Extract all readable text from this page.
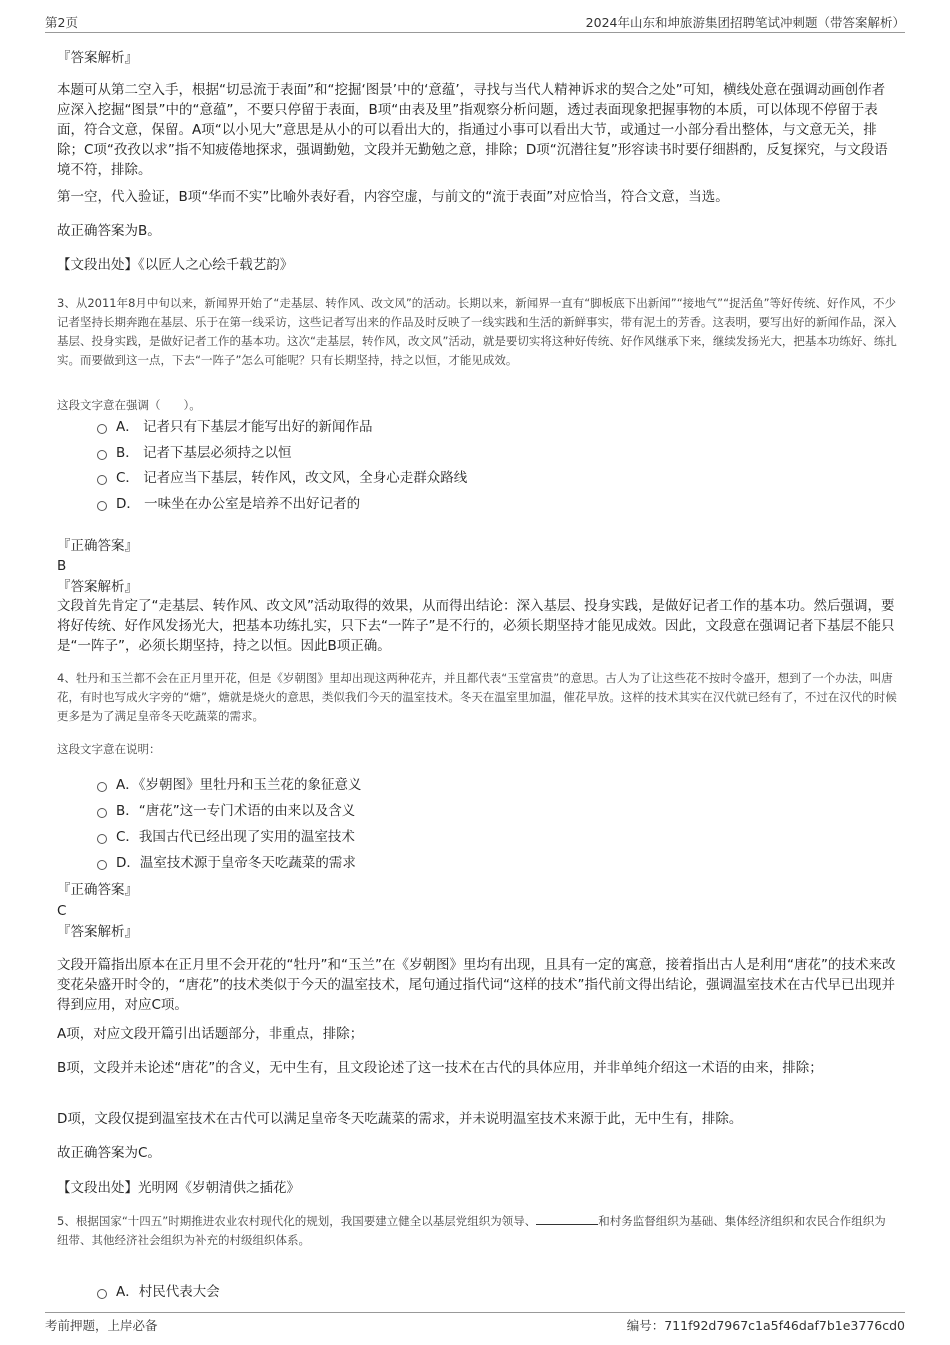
第2页	2024年山东和坤旅游集团招聘笔试冲刺题（带答案解析）
『答案解析』

本题可从第二空入手，根据“切忌流于表面”和“挖掘‘图景’中的‘意蕴’，寻找与当代人精神诉求的契合之处”可知，横线处意在强调动画创作者应深入挖掘“图景”中的“意蕴”，不要只停留于表面，B项“由表及里”指观察分析问题，透过表面现象把握事物的本质，可以体现不停留于表面，符合文意，保留。A项“以小见大”意思是从小的可以看出大的，指通过小事可以看出大节，或通过一小部分看出整体，与文意无关，排除；C项“孜孜以求”指不知疲倦地探求，强调勤勉，文段并无勤勉之意，排除；D项“沉潜往复”形容读书时要仔细斟酌，反复探究，与文段语境不符，排除。

第一空，代入验证，B项“华而不实”比喻外表好看，内容空虚，与前文的“流于表面”对应恰当，符合文意，当选。

故正确答案为B。

【文段出处】《以匠人之心绘千载艺韵》

3、从2011年8月中旬以来，新闻界开始了“走基层、转作风、改文风”的活动。长期以来，新闻界一直有“脚板底下出新闻”“接地气”“捉活鱼”等好传统、好作风，不少记者坚持长期奔跑在基层、乐于在第一线采访，这些记者写出来的作品及时反映了一线实践和生活的新鲜事实，带有泥土的芳香。这表明，要写出好的新闻作品，深入基层、投身实践，是做好记者工作的基本功。这次“走基层，转作风，改文风”活动，就是要切实将这种好传统、好作风继承下来，继续发扬光大，把基本功练好、练扎实。而要做到这一点，下去“一阵子”怎么可能呢？只有长期坚持，持之以恒，才能见成效。

这段文字意在强调（　　）。

A． 记者只有下基层才能写出好的新闻作品
B． 记者下基层必须持之以恒
C． 记者应当下基层，转作风，改文风，全身心走群众路线
D． 一味坐在办公室是培养不出好记者的
『正确答案』
B
『答案解析』

文段首先肯定了“走基层、转作风、改文风”活动取得的效果，从而得出结论：深入基层、投身实践，是做好记者工作的基本功。然后强调，要将好传统、好作风发扬光大，把基本功练扎实，只下去“一阵子”是不行的，必须长期坚持才能见成效。因此，文段意在强调记者下基层不能只是“一阵子”，必须长期坚持，持之以恒。因此B项正确。

4、牡丹和玉兰都不会在正月里开花，但是《岁朝图》里却出现这两种花卉，并且都代表“玉堂富贵”的意思。古人为了让这些花不按时令盛开，想到了一个办法，叫唐花，有时也写成火字旁的“煻”，煻就是烧火的意思，类似我们今天的温室技术。冬天在温室里加温，催花早放。这样的技术其实在汉代就已经有了，不过在汉代的时候更多是为了满足皇帝冬天吃蔬菜的需求。

这段文字意在说明：

A．《岁朝图》里牡丹和玉兰花的象征意义
B．“唐花”这一专门术语的由来以及含义
C．我国古代已经出现了实用的温室技术
D．温室技术源于皇帝冬天吃蔬菜的需求
『正确答案』
C
『答案解析』

文段开篇指出原本在正月里不会开花的“牡丹”和“玉兰”在《岁朝图》里均有出现，且具有一定的寓意，接着指出古人是利用“唐花”的技术来改变花朵盛开时令的，“唐花”的技术类似于今天的温室技术，尾句通过指代词“这样的技术”指代前文得出结论，强调温室技术在古代早已出现并得到应用，对应C项。

A项，对应文段开篇引出话题部分，非重点，排除；

B项，文段并未论述“唐花”的含义，无中生有，且文段论述了这一技术在古代的具体应用，并非单纯介绍这一术语的由来，排除；

D项，文段仅提到温室技术在古代可以满足皇帝冬天吃蔬菜的需求，并未说明温室技术来源于此，无中生有，排除。

故正确答案为C。

【文段出处】光明网《岁朝清供之插花》

5、根据国家“十四五”时期推进农业农村现代化的规划，我国要建立健全以基层党组织为领导、	和村务监督组织为基础、集体经济组织和农民合作组织为纽带、其他经济社会组织为补充的村级组织体系。

A．村民代表大会
考前押题，上岸必备	编号：711f92d7967c1a5f46daf7b1e3776cd0
